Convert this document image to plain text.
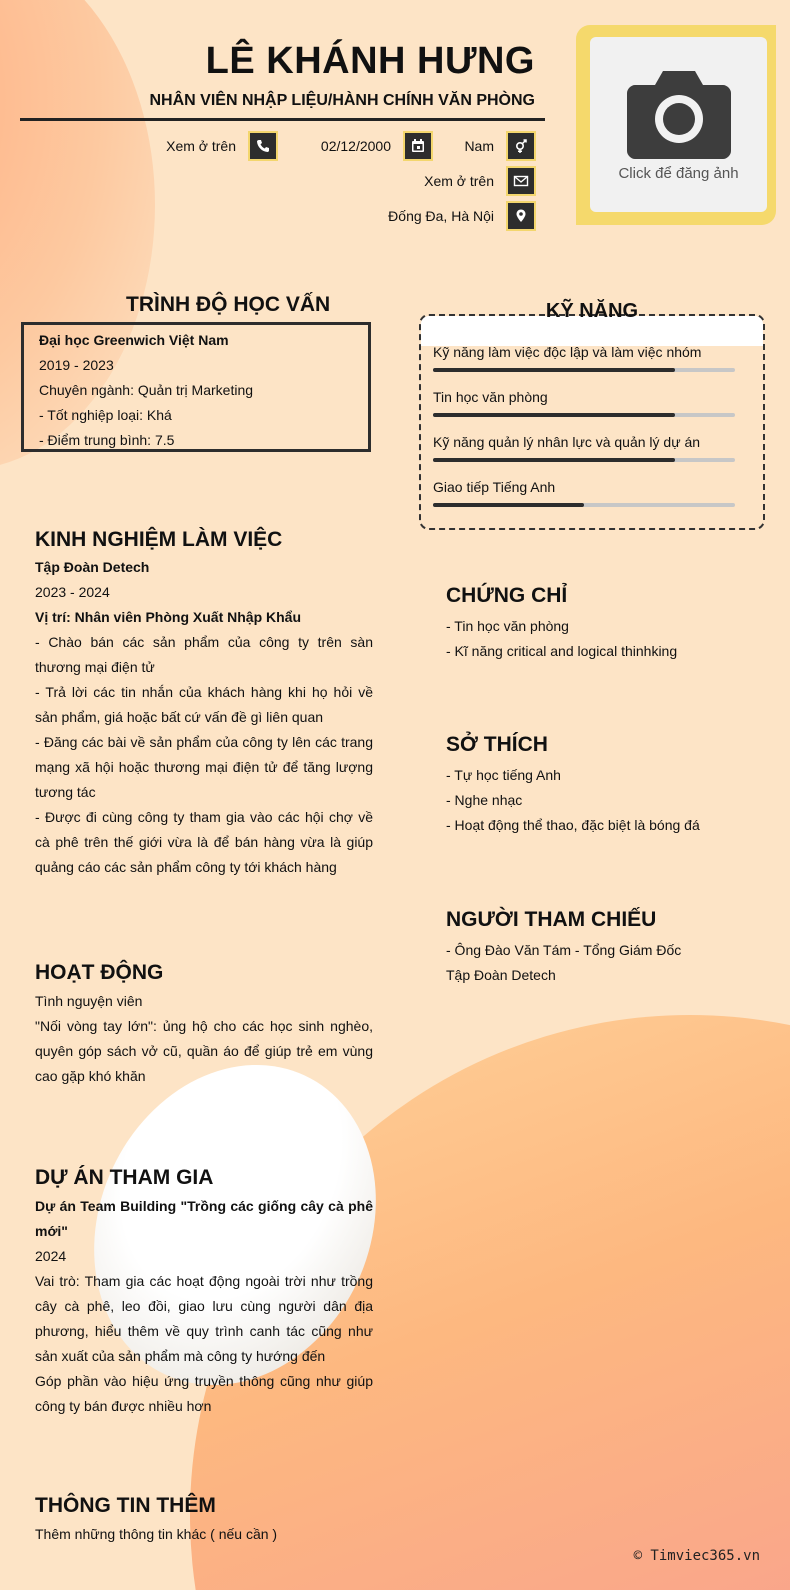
LÊ KHÁNH HƯNG
NHÂN VIÊN NHẬP LIỆU/HÀNH CHÍNH VĂN PHÒNG
Xem ở trên	02/12/2000	Nam
Xem ở trên
Đống Đa, Hà Nội
Click để đăng ảnh
TRÌNH ĐỘ HỌC VẤN

Đại học Greenwich Việt Nam

2019 - 2023

Chuyên ngành: Quản trị Marketing

- Tốt nghiệp loại: Khá

- Điểm trung bình: 7.5

KỸ NĂNG
Kỹ năng làm việc độc lập và làm việc nhóm
Tin học văn phòng
Kỹ năng quản lý nhân lực và quản lý dự án
Giao tiếp Tiếng Anh
KINH NGHIỆM LÀM VIỆC

Tập Đoàn Detech

2023 - 2024

Vị trí: Nhân viên Phòng Xuất Nhập Khẩu

- Chào bán các sản phẩm của công ty trên sàn thương mại điện tử

- Trả lời các tin nhắn của khách hàng khi họ hỏi về sản phẩm, giá hoặc bất cứ vấn đề gì liên quan

- Đăng các bài về sản phẩm của công ty lên các trang mạng xã hội hoặc thương mại điện tử để tăng lượng tương tác

- Được đi cùng công ty tham gia vào các hội chợ về cà phê trên thế giới vừa là để bán hàng vừa là giúp quảng cáo các sản phẩm công ty tới khách hàng

CHỨNG CHỈ

- Tin học văn phòng

- Kĩ năng critical and logical thinhking

SỞ THÍCH

- Tự học tiếng Anh

- Nghe nhạc

- Hoạt động thể thao, đặc biệt là bóng đá

NGƯỜI THAM CHIẾU

- Ông Đào Văn Tám - Tổng Giám Đốc

Tập Đoàn Detech

HOẠT ĐỘNG

Tình nguyện viên

"Nối vòng tay lớn": ủng hộ cho các học sinh nghèo, quyên góp sách vở cũ, quần áo để giúp trẻ em vùng cao gặp khó khăn

DỰ ÁN THAM GIA

Dự án Team Building "Trồng các giống cây cà phê mới"

2024

Vai trò: Tham gia các hoạt động ngoài trời như trồng cây cà phê, leo đồi, giao lưu cùng người dân địa phương, hiểu thêm về quy trình canh tác cũng như sản xuất của sản phẩm mà công ty hướng đến

Góp phần vào hiệu ứng truyền thông cũng như giúp công ty bán được nhiều hơn

THÔNG TIN THÊM

Thêm những thông tin khác ( nếu cần )

© Timviec365.vn
